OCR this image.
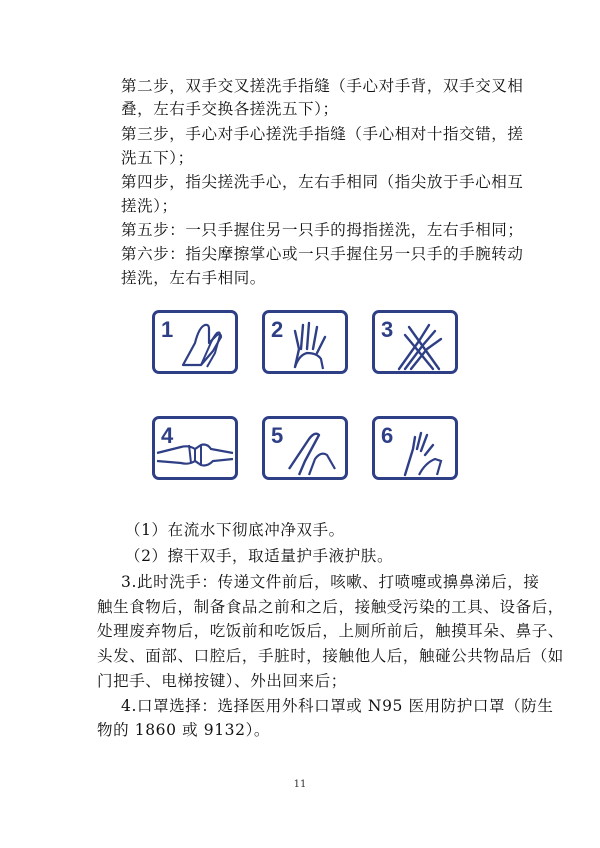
第二步，双手交叉搓洗手指缝（手心对手背，双手交叉相
叠，左右手交换各搓洗五下）；
第三步，手心对手心搓洗手指缝（手心相对十指交错，搓
洗五下）；
第四步，指尖搓洗手心，左右手相同（指尖放于手心相互
搓洗）；
第五步：一只手握住另一只手的拇指搓洗，左右手相同；
第六步：指尖摩擦掌心或一只手握住另一只手的手腕转动
搓洗，左右手相同。
1	2	3
4	5	6
（1）在流水下彻底冲净双手。
（2）擦干双手，取适量护手液护肤。
3.此时洗手：传递文件前后，咳嗽、打喷嚏或擤鼻涕后，接
触生食物后，制备食品之前和之后，接触受污染的工具、设备后，
处理废弃物后，吃饭前和吃饭后，上厕所前后，触摸耳朵、鼻子、
头发、面部、口腔后，手脏时，接触他人后，触碰公共物品后（如
门把手、电梯按键）、外出回来后；
4.口罩选择：选择医用外科口罩或 N95 医用防护口罩（防生
物的 1860 或 9132）。
11
